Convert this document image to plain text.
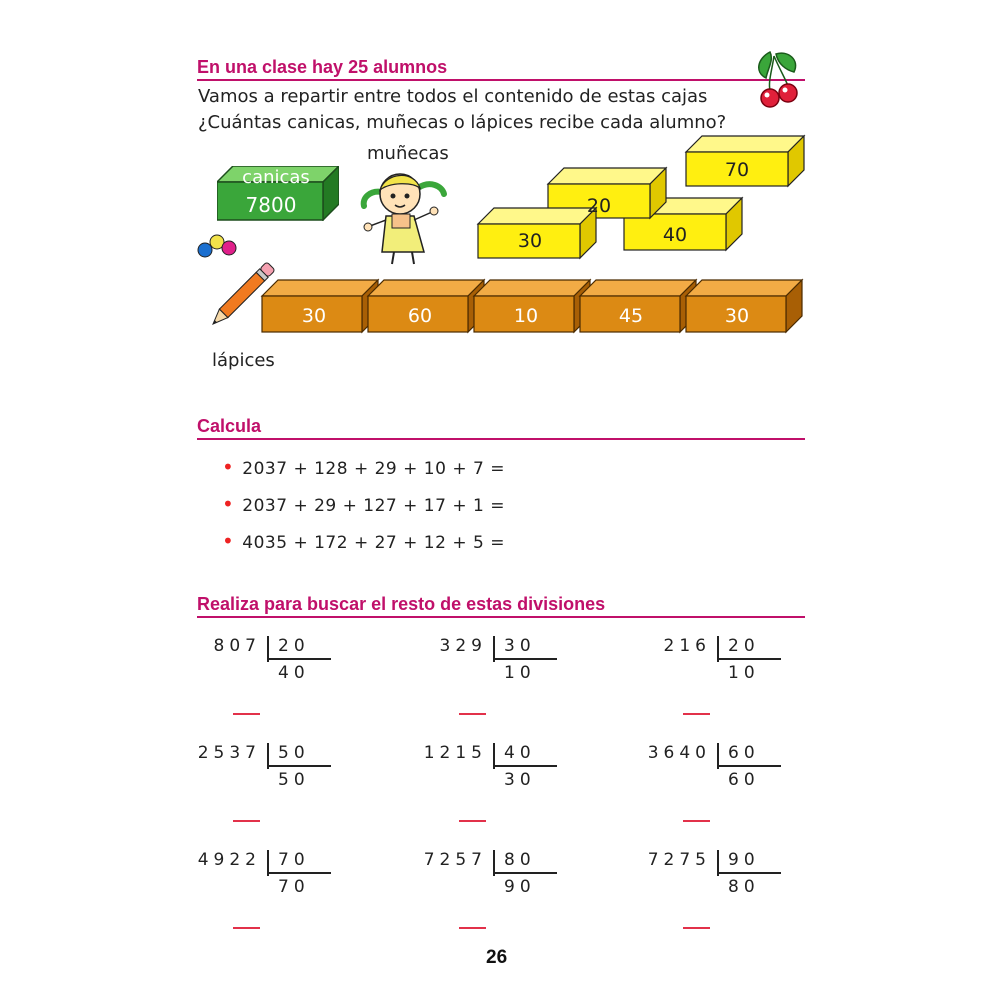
En una clase hay 25 alumnos
Vamos a repartir entre todos el contenido de estas cajas
¿Cuántas canicas, muñecas o lápices recibe cada alumno?
muñecas
lápices
canicas
7800
30
20
40
70
30	60	10	45	30
Calcula
• 2037 + 128 + 29 + 10 + 7 =
• 2037 + 29 + 127 + 17 + 1 =
• 4035 + 172 + 27 + 12 + 5 =
Realiza para buscar el resto de estas divisiones
807 20
40
329 30
10
216 20
10
2537 50
50
1215 40
30
3640 60
60
4922 70
70
7257 80
90
7275 90
80
26
